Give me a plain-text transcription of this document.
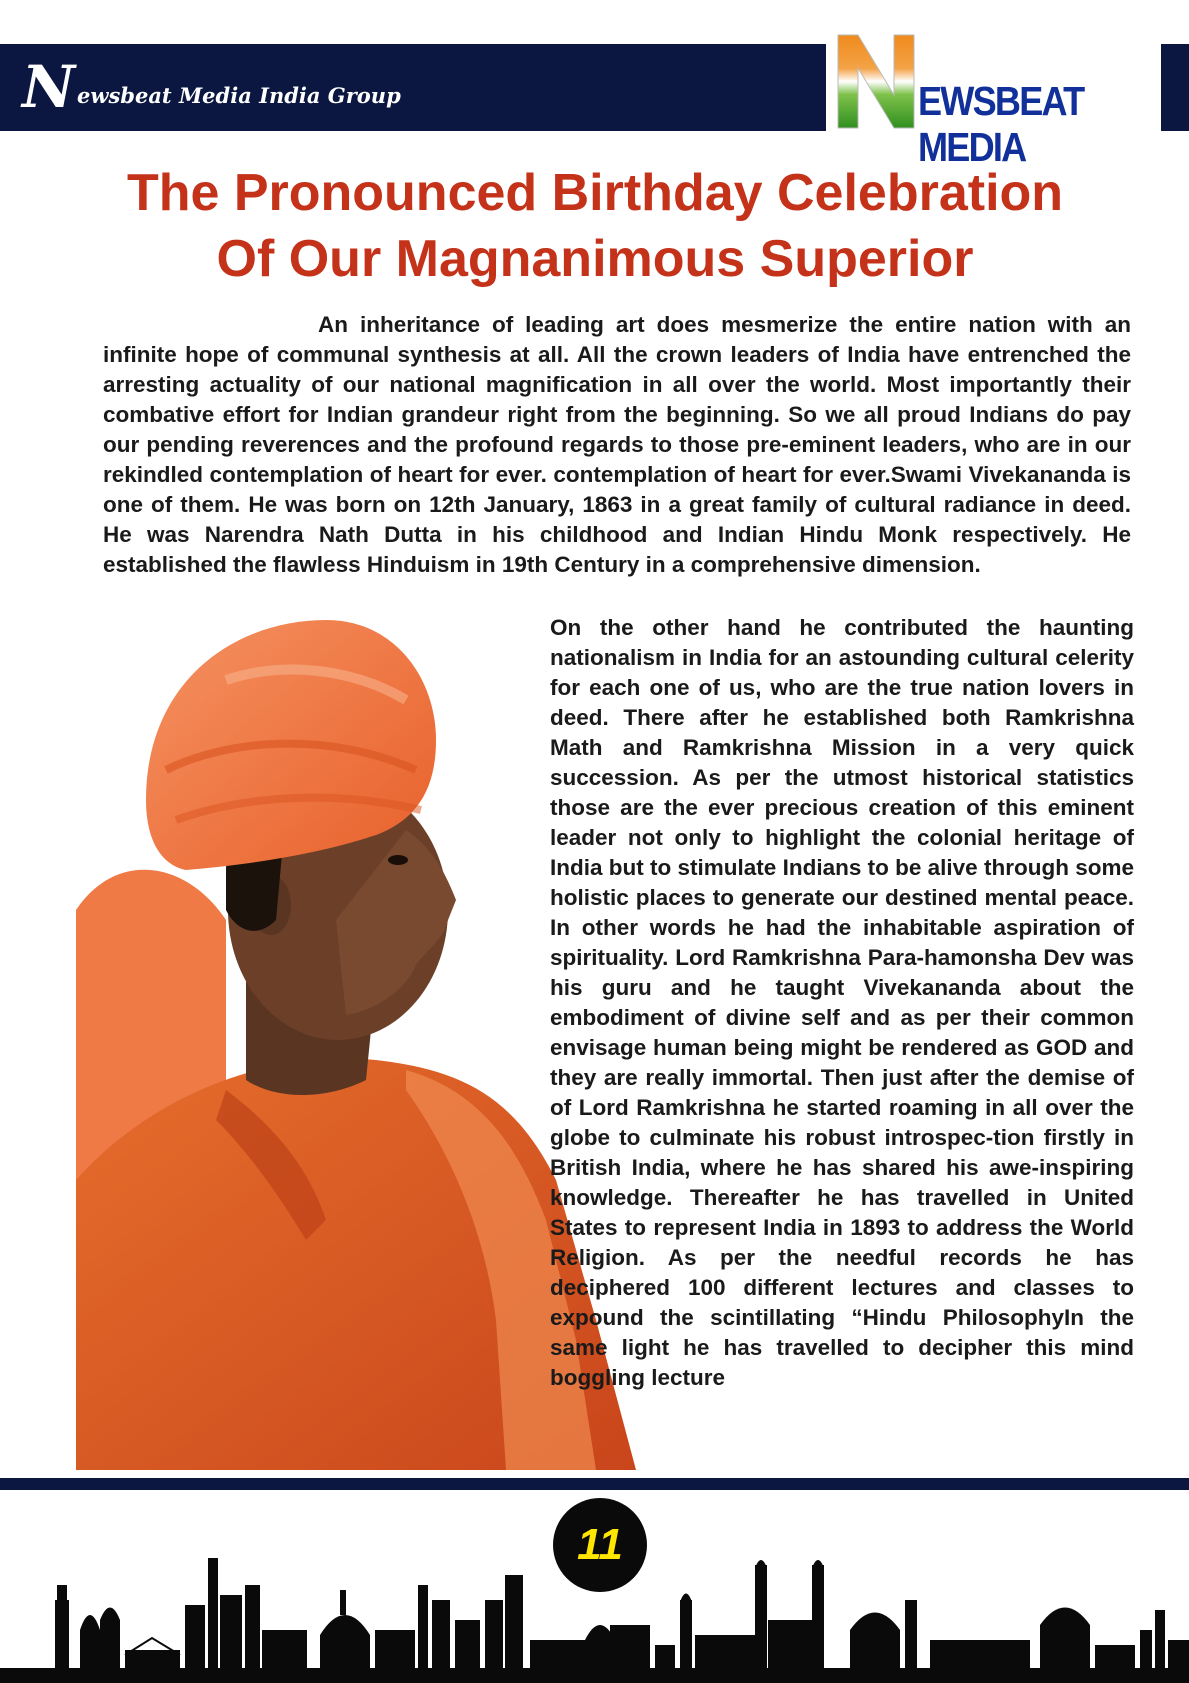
N ewsbeat Media India Group	EWSBEAT MEDIA
The Pronounced Birthday Celebration
Of Our Magnanimous Superior

An inheritance of leading art does mesmerize the entire nation with an infinite hope of communal synthesis at all. All the crown leaders of India have entrenched the arresting actuality of our national magnification in all over the world. Most importantly their combative effort for Indian grandeur right from the beginning. So we all proud Indians do pay our pending reverences and the profound regards to those pre-eminent leaders, who are in our rekindled contemplation of heart for ever. contemplation of heart for ever.Swami Vivekananda is one of them. He was born on 12th January, 1863 in a great family of cultural radiance in deed. He was Narendra Nath Dutta in his childhood and Indian Hindu Monk respectively. He established the flawless Hinduism in 19th Century in a comprehensive dimension.

On the other hand he contributed the haunting nationalism in India for an astounding cultural celerity for each one of us, who are the true nation lovers in deed. There after he established both Ramkrishna Math and Ramkrishna Mission in a very quick succession. As per the utmost historical statistics those are the ever precious creation of this eminent leader not only to highlight the colonial heritage of India but to stimulate Indians to be alive through some holistic places to generate our destined mental peace. In other words he had the inhabitable aspiration of spirituality. Lord Ramkrishna Para-hamonsha Dev was his guru and he taught Vivekananda about the embodiment of divine self and as per their common envisage human being might be rendered as GOD and they are really immortal. Then just after the demise of of Lord Ramkrishna he started roaming in all over the globe to culminate his robust introspec-tion firstly in British India, where he has shared his awe-inspiring knowledge. Thereafter he has travelled in United States to represent India in 1893 to address the World Religion. As per the needful records he has deciphered 100 different lectures and classes to expound the scintillating “Hindu PhilosophyIn the same light he has travelled to decipher this mind boggling lecture

11
